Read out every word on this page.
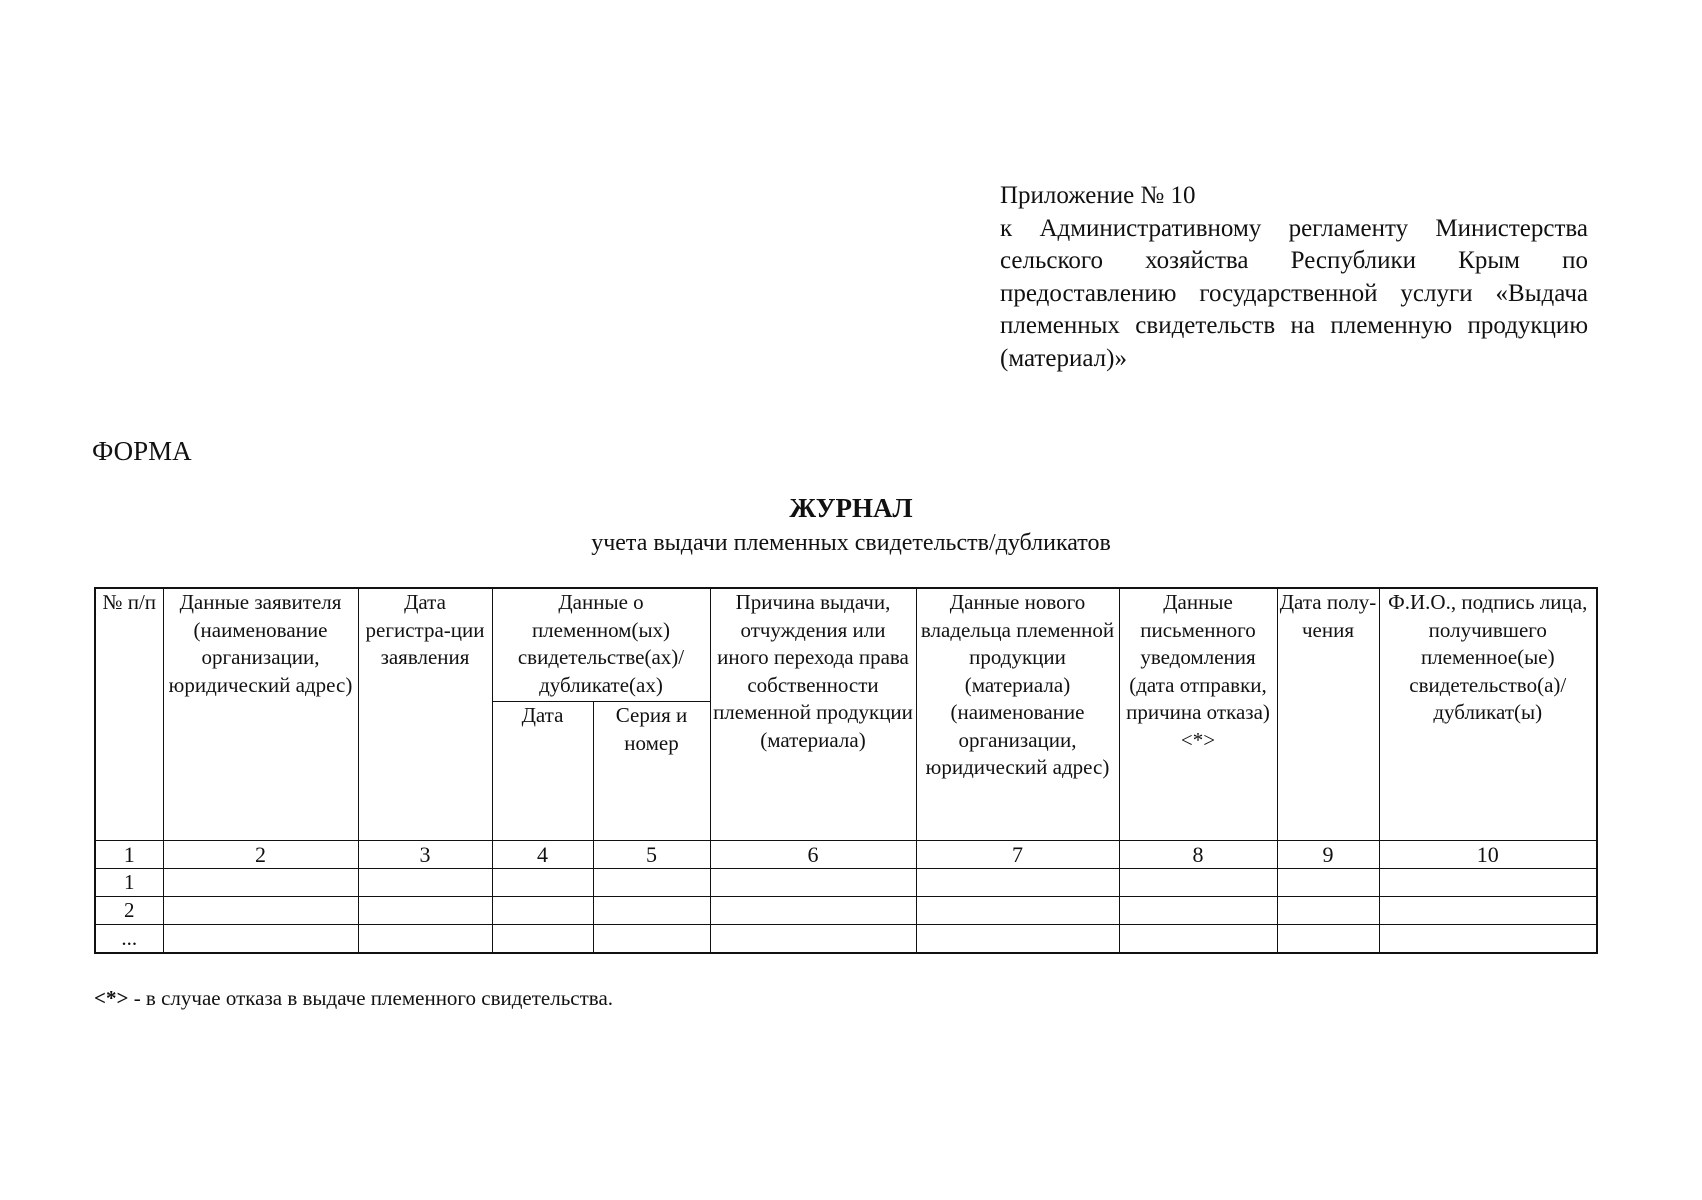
Приложение № 10
к Административному регламенту Министерства сельского хозяйства Республики Крым по предоставлению государственной услуги «Выдача племенных свидетельств на племенную продукцию (материал)»
ФОРМА
ЖУРНАЛ
учета выдачи племенных свидетельств/дубликатов
№ п/п	Данные заявителя (наименование организации, юридический адрес)	Дата регистра-ции заявления	Данные о племенном(ых) свидетельстве(ах)/ дубликате(ах)		Причина выдачи, отчуждения или иного перехода права собственности племенной продукции (материала)	Данные нового владельца племенной продукции (материала) (наименование организации, юридический адрес)	Данные письменного уведомления (дата отправки, причина отказа)<*>	Дата полу-чения	Ф.И.О., подпись лица, получившего племенное(ые) свидетельство(а)/ дубликат(ы)
			Дата	Серия и номер					
1	2	3	4	5	6	7	8	9	10
1									
2									
...									
<*> - в случае отказа в выдаче племенного свидетельства.
